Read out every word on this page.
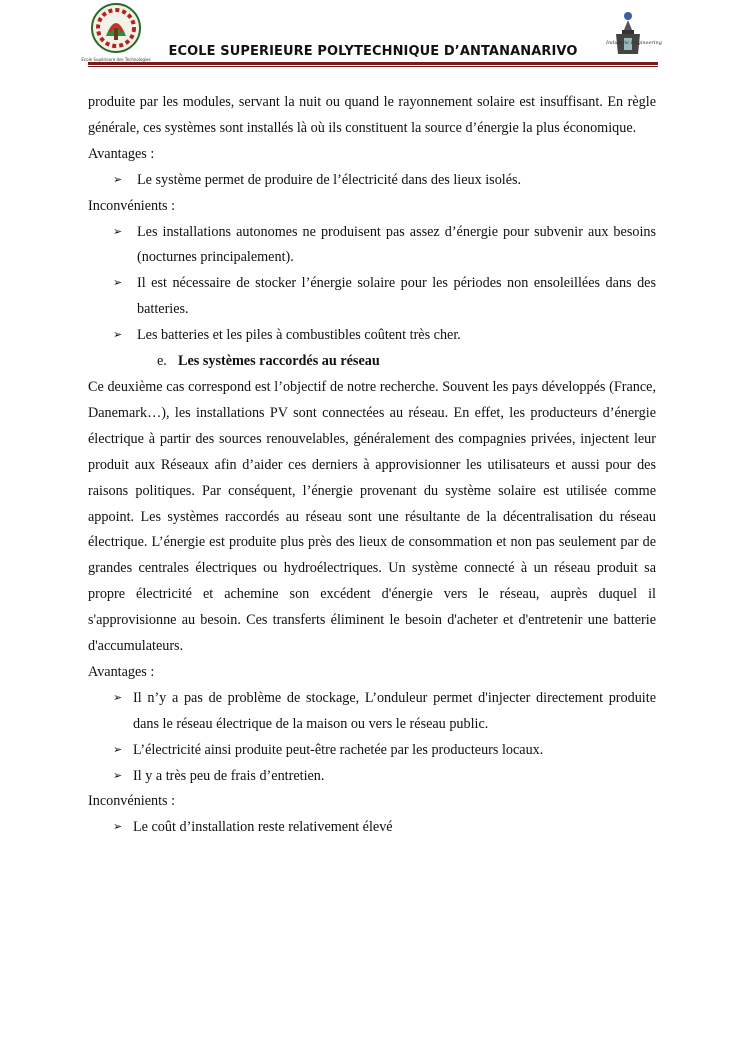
Ecole Supérieure des Technologies
Industrie Engineering
ECOLE SUPERIEURE POLYTECHNIQUE D’ANTANANARIVO

produite par les modules, servant la nuit ou quand le rayonnement solaire est insuffisant. En règle générale, ces systèmes sont installés là où ils constituent la source d’énergie la plus économique.

Avantages :

➢ Le système permet de produire de l’électricité dans des lieux isolés.

Inconvénients :

➢ Les installations autonomes ne produisent pas assez d’énergie pour subvenir aux besoins (nocturnes principalement).
➢ Il est nécessaire de stocker l’énergie solaire pour les périodes non ensoleillées dans des batteries.
➢ Les batteries et les piles à combustibles coûtent très cher.

e. Les systèmes raccordés au réseau

Ce deuxième cas correspond est l’objectif de notre recherche. Souvent les pays développés (France, Danemark…), les installations PV sont connectées au réseau. En effet, les producteurs d’énergie électrique à partir des sources renouvelables, généralement des compagnies privées, injectent leur produit aux Réseaux afin d’aider ces derniers à approvisionner les utilisateurs et aussi pour des raisons politiques. Par conséquent, l’énergie provenant du système solaire est utilisée comme appoint. Les systèmes raccordés au réseau sont une résultante de la décentralisation du réseau électrique. L’énergie est produite plus près des lieux de consommation et non pas seulement par de grandes centrales électriques ou hydroélectriques. Un système connecté à un réseau produit sa propre électricité et achemine son excédent d'énergie vers le réseau, auprès duquel il s'approvisionne au besoin. Ces transferts éliminent le besoin d'acheter et d'entretenir une batterie d'accumulateurs.

Avantages :

➢ Il n’y a pas de problème de stockage, L’onduleur permet d'injecter directement produite dans le réseau électrique de la maison ou vers le réseau public.
➢ L’électricité ainsi produite peut-être rachetée par les producteurs locaux.
➢ Il y a très peu de frais d’entretien.

Inconvénients :

➢ Le coût d’installation reste relativement élevé
